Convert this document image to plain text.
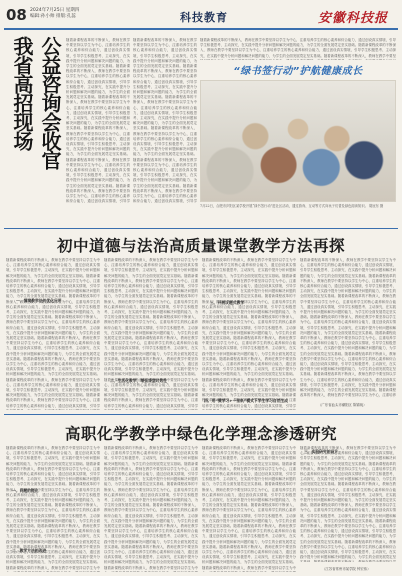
08 2024年7月25日 星期四
编辑:孙小帅 排版:孔蕊	科技教育	安徽科技报
公益咨询会收官
我省高招现场 随着新课程改革的不断深入，教师在教学中要坚持以学生为中心，注重培养学生的核心素养和综合能力，通过创设真实情境，引导学生积极思考、主动探究，在实践中提升分析问题和解决问题的能力，为学生的全面发展奠定坚实基础。随着新课程改革的不断深入，教师在教学中要坚持以学生为中心，注重培养学生的核心素养和综合能力，通过创设真实情境，引导学生积极思考、主动探究，在实践中提升分析问题和解决问题的能力，为学生的全面发展奠定坚实基础。随着新课程改革的不断深入，教师在教学中要坚持以学生为中心，注重培养学生的核心素养和综合能力，通过创设真实情境，引导学生积极思考、主动探究，在实践中提升分析问题和解决问题的能力，为学生的全面发展奠定坚实基础。随着新课程改革的不断深入，教师在教学中要坚持以学生为中心，注重培养学生的核心素养和综合能力，通过创设真实情境，引导学生积极思考、主动探究，在实践中提升分析问题和解决问题的能力，为学生的全面发展奠定坚实基础。随着新课程改革的不断深入，教师在教学中要坚持以学生为中心，注重培养学生的核心素养和综合能力，通过创设真实情境，引导学生积极思考、主动探究，在实践中提升分析问题和解决问题的能力，为学生的全面发展奠定坚实基础。随着新课程改革的不断深入，教师在教学中要坚持以学生为中心，注重培养学生的核心素养和综合能力，通过创设真实情境，引导学生积极思考、主动探究，在实践中提升分析问题和解决问题的能力，为学生的全面发展奠定坚实基础。随着新课程改革的不断深入，教师在教学中要坚持以学生为中心，注重培养学生的核心素养和综合能力，通过创设真实情境，引导学生积极思考、主动探究，在实践中提升分析问题和解决问题的能力，为学生的全面发展奠定坚实基础。随着新课程改革的不断深入，教师在教学中要坚持以学生为中心，注重培养学生的核心素养和综合能力，通过创设真实情境，引导学生积极思考、主动探究，在实践中提升分析问题和解决问题的能力，为学生的全面发展奠定坚实基础。随着新课程改革的不断深入，教师在教学中要坚持以学生为中心，注重培养学生的核心素养和综合能力，通过创设真实情境，引导学生积极思考、主动探究，在实践中提升分析问题和解决问题的能力，为学生的全面发展奠定坚实基础。随着新课程改革的不断深入，教师在教学中要坚持以学生为中心，注重培养学生的核心素养和综合能力，通过创设真实情境，引导学生积极思考、主动探究，在实践中提升分析问题和解决问题的能力，为学生的全面发展奠定坚实基础。随着新课程改革的不断深入，教师在教学中要坚持以学生为中心，注重培养学生的核心素养和综合能力，通过创设真实情境，引导学生积极思考、主动探究，在实践中提升分析问题和解决问题的能力，为学生的全面发展奠定坚实基础。随着新课程改革的不断深入，教师在教学中要坚持以学生为中心，注重培养学生的核心素养和综合能力，通过创设真实情境，引导学生积极思考、主动探究，在实践中提升分析问题和解决问题的能力，为学生的全面发展奠定坚实基础。 随着新课程改革的不断深入，教师在教学中要坚持以学生为中心，注重培养学生的核心素养和综合能力，通过创设真实情境，引导学生积极思考、主动探究，在实践中提升分析问题和解决问题的能力，为学生的全面发展奠定坚实基础。随着新课程改革的不断深入，教师在教学中要坚持以学生为中心，注重培养学生的核心素养和综合能力，通过创设真实情境，引导学生积极思考、主动探究，在实践中提升分析问题和解决问题的能力，为学生的全面发展奠定坚实基础。随着新课程改革的不断深入，教师在教学中要坚持以学生为中心，注重培养学生的核心素养和综合能力，通过创设真实情境，引导学生积极思考、主动探究，在实践中提升分析问题和解决问题的能力，为学生的全面发展奠定坚实基础。随着新课程改革的不断深入，教师在教学中要坚持以学生为中心，注重培养学生的核心素养和综合能力，通过创设真实情境，引导学生积极思考、主动探究，在实践中提升分析问题和解决问题的能力，为学生的全面发展奠定坚实基础。随着新课程改革的不断深入，教师在教学中要坚持以学生为中心，注重培养学生的核心素养和综合能力，通过创设真实情境，引导学生积极思考、主动探究，在实践中提升分析问题和解决问题的能力，为学生的全面发展奠定坚实基础。随着新课程改革的不断深入，教师在教学中要坚持以学生为中心，注重培养学生的核心素养和综合能力，通过创设真实情境，引导学生积极思考、主动探究，在实践中提升分析问题和解决问题的能力，为学生的全面发展奠定坚实基础。随着新课程改革的不断深入，教师在教学中要坚持以学生为中心，注重培养学生的核心素养和综合能力，通过创设真实情境，引导学生积极思考、主动探究，在实践中提升分析问题和解决问题的能力，为学生的全面发展奠定坚实基础。随着新课程改革的不断深入，教师在教学中要坚持以学生为中心，注重培养学生的核心素养和综合能力，通过创设真实情境，引导学生积极思考、主动探究，在实践中提升分析问题和解决问题的能力，为学生的全面发展奠定坚实基础。随着新课程改革的不断深入，教师在教学中要坚持以学生为中心，注重培养学生的核心素养和综合能力，通过创设真实情境，引导学生积极思考、主动探究，在实践中提升分析问题和解决问题的能力，为学生的全面发展奠定坚实基础。随着新课程改革的不断深入，教师在教学中要坚持以学生为中心，注重培养学生的核心素养和综合能力，通过创设真实情境，引导学生积极思考、主动探究，在实践中提升分析问题和解决问题的能力，为学生的全面发展奠定坚实基础。随着新课程改革的不断深入，教师在教学中要坚持以学生为中心，注重培养学生的核心素养和综合能力，通过创设真实情境，引导学生积极思考、主动探究，在实践中提升分析问题和解决问题的能力，为学生的全面发展奠定坚实基础。随着新课程改革的不断深入，教师在教学中要坚持以学生为中心，注重培养学生的核心素养和综合能力，通过创设真实情境，引导学生积极思考、主动探究，在实践中提升分析问题和解决问题的能力，为学生的全面发展奠定坚实基础。
随着新课程改革的不断深入，教师在教学中要坚持以学生为中心，注重培养学生的核心素养和综合能力，通过创设真实情境，引导学生积极思考、主动探究，在实践中提升分析问题和解决问题的能力，为学生的全面发展奠定坚实基础。随着新课程改革的不断深入，教师在教学中要坚持以学生为中心，注重培养学生的核心素养和综合能力，通过创设真实情境，引导学生积极思考、主动探究，在实践中提升分析问题和解决问题的能力，为学生的全面发展奠定坚实基础。随着新课程改革的不断深入，教师在教学中要坚持以学生为中心，注重培养学生的核心素养和综合能力，通过创设真实情境，引导学生积极思考、主动探究，在实践中提升分析问题和解决问题的能力，为学生的全面发展奠定坚实基础。随着新课程改革的不断深入，教师在教学中要坚持以学生为中心，注重培养学生的核心素养和综合能力，通过创设真实情境，引导学生积极思考、主动探究，在实践中提升分析问题和解决问题的能力，为学生的全面发展奠定坚实基础。随着新课程改革的不断深入，教师在教学中要坚持以学生为中心，注重培养学生的核心素养和综合能力，通过创设真实情境，引导学生积极思考、主动探究，在实践中提升分析问题和解决问题的能力，为学生的全面发展奠定坚实基础。随着新课程改革的不断深入，教师在教学中要坚持以学生为中心，注重培养学生的核心素养和综合能力，通过创设真实情境，引导学生积极思考、主动探究，在实践中提升分析问题和解决问题的能力，为学生的全面发展奠定坚实基础。随着新课程改革的不断深入，教师在教学中要坚持以学生为中心，注重培养学生的核心素养和综合能力，通过创设真实情境，引导学生积极思考、主动探究，在实践中提升分析问题和解决问题的能力，为学生的全面发展奠定坚实基础。随着新课程改革的不断深入，教师在教学中要坚持以学生为中心，注重培养学生的核心素养和综合能力，通过创设真实情境，引导学生积极思考、主动探究，在实践中提升分析问题和解决问题的能力，为学生的全面发展奠定坚实基础。随着新课程改革的不断深入，教师在教学中要坚持以学生为中心，注重培养学生的核心素养和综合能力，通过创设真实情境，引导学生积极思考、主动探究，在实践中提升分析问题和解决问题的能力，为学生的全面发展奠定坚实基础。随着新课程改革的不断深入，教师在教学中要坚持以学生为中心，注重培养学生的核心素养和综合能力，通过创设真实情境，引导学生积极思考、主动探究，在实践中提升分析问题和解决问题的能力，为学生的全面发展奠定坚实基础。随着新课程改革的不断深入，教师在教学中要坚持以学生为中心，注重培养学生的核心素养和综合能力，通过创设真实情境，引导学生积极思考、主动探究，在实践中提升分析问题和解决问题的能力，为学生的全面发展奠定坚实基础。随着新课程改革的不断深入，教师在教学中要坚持以学生为中心，注重培养学生的核心素养和综合能力，通过创设真实情境，引导学生积极思考、主动探究，在实践中提升分析问题和解决问题的能力，为学生的全面发展奠定坚实基础。	“绿书签行动”护航健康成长
7月22日，合肥市庐阳区某学校开展“绿书签行动”进社区活动，通过游戏、互动等方式向孩子们普及绿色阅读知识。 胡冠东 摄
初中道德与法治高质量课堂教学方法再探
随着新课程改革的不断深入，教师在教学中要坚持以学生为中心，注重培养学生的核心素养和综合能力，通过创设真实情境，引导学生积极思考、主动探究，在实践中提升分析问题和解决问题的能力，为学生的全面发展奠定坚实基础。随着新课程改革的不断深入，教师在教学中要坚持以学生为中心，注重培养学生的核心素养和综合能力，通过创设真实情境，引导学生积极思考、主动探究，在实践中提升分析问题和解决问题的能力，为学生的全面发展奠定坚实基础。随着新课程改革的不断深入，教师在教学中要坚持以学生为中心，注重培养学生的核心素养和综合能力，通过创设真实情境，引导学生积极思考、主动探究，在实践中提升分析问题和解决问题的能力，为学生的全面发展奠定坚实基础。随着新课程改革的不断深入，教师在教学中要坚持以学生为中心，注重培养学生的核心素养和综合能力，通过创设真实情境，引导学生积极思考、主动探究，在实践中提升分析问题和解决问题的能力，为学生的全面发展奠定坚实基础。随着新课程改革的不断深入，教师在教学中要坚持以学生为中心，注重培养学生的核心素养和综合能力，通过创设真实情境，引导学生积极思考、主动探究，在实践中提升分析问题和解决问题的能力，为学生的全面发展奠定坚实基础。随着新课程改革的不断深入，教师在教学中要坚持以学生为中心，注重培养学生的核心素养和综合能力，通过创设真实情境，引导学生积极思考、主动探究，在实践中提升分析问题和解决问题的能力，为学生的全面发展奠定坚实基础。随着新课程改革的不断深入，教师在教学中要坚持以学生为中心，注重培养学生的核心素养和综合能力，通过创设真实情境，引导学生积极思考、主动探究，在实践中提升分析问题和解决问题的能力，为学生的全面发展奠定坚实基础。随着新课程改革的不断深入，教师在教学中要坚持以学生为中心，注重培养学生的核心素养和综合能力，通过创设真实情境，引导学生积极思考、主动探究，在实践中提升分析问题和解决问题的能力，为学生的全面发展奠定坚实基础。随着新课程改革的不断深入，教师在教学中要坚持以学生为中心，注重培养学生的核心素养和综合能力，通过创设真实情境，引导学生积极思考、主动探究，在实践中提升分析问题和解决问题的能力，为学生的全面发展奠定坚实基础。随着新课程改革的不断深入，教师在教学中要坚持以学生为中心，注重培养学生的核心素养和综合能力，通过创设真实情境，引导学生积极思考、主动探究，在实践中提升分析问题和解决问题的能力，为学生的全面发展奠定坚实基础。随着新课程改革的不断深入，教师在教学中要坚持以学生为中心，注重培养学生的核心素养和综合能力，通过创设真实情境，引导学生积极思考、主动探究，在实践中提升分析问题和解决问题的能力，为学生的全面发展奠定坚实基础。随着新课程改革的不断深入，教师在教学中要坚持以学生为中心，注重培养学生的核心素养和综合能力，通过创设真实情境，引导学生积极思考、主动探究，在实践中提升分析问题和解决问题的能力，为学生的全面发展奠定坚实基础。
随着新课程改革的不断深入，教师在教学中要坚持以学生为中心，注重培养学生的核心素养和综合能力，通过创设真实情境，引导学生积极思考、主动探究，在实践中提升分析问题和解决问题的能力，为学生的全面发展奠定坚实基础。随着新课程改革的不断深入，教师在教学中要坚持以学生为中心，注重培养学生的核心素养和综合能力，通过创设真实情境，引导学生积极思考、主动探究，在实践中提升分析问题和解决问题的能力，为学生的全面发展奠定坚实基础。随着新课程改革的不断深入，教师在教学中要坚持以学生为中心，注重培养学生的核心素养和综合能力，通过创设真实情境，引导学生积极思考、主动探究，在实践中提升分析问题和解决问题的能力，为学生的全面发展奠定坚实基础。随着新课程改革的不断深入，教师在教学中要坚持以学生为中心，注重培养学生的核心素养和综合能力，通过创设真实情境，引导学生积极思考、主动探究，在实践中提升分析问题和解决问题的能力，为学生的全面发展奠定坚实基础。随着新课程改革的不断深入，教师在教学中要坚持以学生为中心，注重培养学生的核心素养和综合能力，通过创设真实情境，引导学生积极思考、主动探究，在实践中提升分析问题和解决问题的能力，为学生的全面发展奠定坚实基础。随着新课程改革的不断深入，教师在教学中要坚持以学生为中心，注重培养学生的核心素养和综合能力，通过创设真实情境，引导学生积极思考、主动探究，在实践中提升分析问题和解决问题的能力，为学生的全面发展奠定坚实基础。随着新课程改革的不断深入，教师在教学中要坚持以学生为中心，注重培养学生的核心素养和综合能力，通过创设真实情境，引导学生积极思考、主动探究，在实践中提升分析问题和解决问题的能力，为学生的全面发展奠定坚实基础。随着新课程改革的不断深入，教师在教学中要坚持以学生为中心，注重培养学生的核心素养和综合能力，通过创设真实情境，引导学生积极思考、主动探究，在实践中提升分析问题和解决问题的能力，为学生的全面发展奠定坚实基础。随着新课程改革的不断深入，教师在教学中要坚持以学生为中心，注重培养学生的核心素养和综合能力，通过创设真实情境，引导学生积极思考、主动探究，在实践中提升分析问题和解决问题的能力，为学生的全面发展奠定坚实基础。随着新课程改革的不断深入，教师在教学中要坚持以学生为中心，注重培养学生的核心素养和综合能力，通过创设真实情境，引导学生积极思考、主动探究，在实践中提升分析问题和解决问题的能力，为学生的全面发展奠定坚实基础。随着新课程改革的不断深入，教师在教学中要坚持以学生为中心，注重培养学生的核心素养和综合能力，通过创设真实情境，引导学生积极思考、主动探究，在实践中提升分析问题和解决问题的能力，为学生的全面发展奠定坚实基础。随着新课程改革的不断深入，教师在教学中要坚持以学生为中心，注重培养学生的核心素养和综合能力，通过创设真实情境，引导学生积极思考、主动探究，在实践中提升分析问题和解决问题的能力，为学生的全面发展奠定坚实基础。
随着新课程改革的不断深入，教师在教学中要坚持以学生为中心，注重培养学生的核心素养和综合能力，通过创设真实情境，引导学生积极思考、主动探究，在实践中提升分析问题和解决问题的能力，为学生的全面发展奠定坚实基础。随着新课程改革的不断深入，教师在教学中要坚持以学生为中心，注重培养学生的核心素养和综合能力，通过创设真实情境，引导学生积极思考、主动探究，在实践中提升分析问题和解决问题的能力，为学生的全面发展奠定坚实基础。随着新课程改革的不断深入，教师在教学中要坚持以学生为中心，注重培养学生的核心素养和综合能力，通过创设真实情境，引导学生积极思考、主动探究，在实践中提升分析问题和解决问题的能力，为学生的全面发展奠定坚实基础。随着新课程改革的不断深入，教师在教学中要坚持以学生为中心，注重培养学生的核心素养和综合能力，通过创设真实情境，引导学生积极思考、主动探究，在实践中提升分析问题和解决问题的能力，为学生的全面发展奠定坚实基础。随着新课程改革的不断深入，教师在教学中要坚持以学生为中心，注重培养学生的核心素养和综合能力，通过创设真实情境，引导学生积极思考、主动探究，在实践中提升分析问题和解决问题的能力，为学生的全面发展奠定坚实基础。随着新课程改革的不断深入，教师在教学中要坚持以学生为中心，注重培养学生的核心素养和综合能力，通过创设真实情境，引导学生积极思考、主动探究，在实践中提升分析问题和解决问题的能力，为学生的全面发展奠定坚实基础。随着新课程改革的不断深入，教师在教学中要坚持以学生为中心，注重培养学生的核心素养和综合能力，通过创设真实情境，引导学生积极思考、主动探究，在实践中提升分析问题和解决问题的能力，为学生的全面发展奠定坚实基础。随着新课程改革的不断深入，教师在教学中要坚持以学生为中心，注重培养学生的核心素养和综合能力，通过创设真实情境，引导学生积极思考、主动探究，在实践中提升分析问题和解决问题的能力，为学生的全面发展奠定坚实基础。随着新课程改革的不断深入，教师在教学中要坚持以学生为中心，注重培养学生的核心素养和综合能力，通过创设真实情境，引导学生积极思考、主动探究，在实践中提升分析问题和解决问题的能力，为学生的全面发展奠定坚实基础。随着新课程改革的不断深入，教师在教学中要坚持以学生为中心，注重培养学生的核心素养和综合能力，通过创设真实情境，引导学生积极思考、主动探究，在实践中提升分析问题和解决问题的能力，为学生的全面发展奠定坚实基础。随着新课程改革的不断深入，教师在教学中要坚持以学生为中心，注重培养学生的核心素养和综合能力，通过创设真实情境，引导学生积极思考、主动探究，在实践中提升分析问题和解决问题的能力，为学生的全面发展奠定坚实基础。随着新课程改革的不断深入，教师在教学中要坚持以学生为中心，注重培养学生的核心素养和综合能力，通过创设真实情境，引导学生积极思考、主动探究，在实践中提升分析问题和解决问题的能力，为学生的全面发展奠定坚实基础。
随着新课程改革的不断深入，教师在教学中要坚持以学生为中心，注重培养学生的核心素养和综合能力，通过创设真实情境，引导学生积极思考、主动探究，在实践中提升分析问题和解决问题的能力，为学生的全面发展奠定坚实基础。随着新课程改革的不断深入，教师在教学中要坚持以学生为中心，注重培养学生的核心素养和综合能力，通过创设真实情境，引导学生积极思考、主动探究，在实践中提升分析问题和解决问题的能力，为学生的全面发展奠定坚实基础。随着新课程改革的不断深入，教师在教学中要坚持以学生为中心，注重培养学生的核心素养和综合能力，通过创设真实情境，引导学生积极思考、主动探究，在实践中提升分析问题和解决问题的能力，为学生的全面发展奠定坚实基础。随着新课程改革的不断深入，教师在教学中要坚持以学生为中心，注重培养学生的核心素养和综合能力，通过创设真实情境，引导学生积极思考、主动探究，在实践中提升分析问题和解决问题的能力，为学生的全面发展奠定坚实基础。随着新课程改革的不断深入，教师在教学中要坚持以学生为中心，注重培养学生的核心素养和综合能力，通过创设真实情境，引导学生积极思考、主动探究，在实践中提升分析问题和解决问题的能力，为学生的全面发展奠定坚实基础。随着新课程改革的不断深入，教师在教学中要坚持以学生为中心，注重培养学生的核心素养和综合能力，通过创设真实情境，引导学生积极思考、主动探究，在实践中提升分析问题和解决问题的能力，为学生的全面发展奠定坚实基础。随着新课程改革的不断深入，教师在教学中要坚持以学生为中心，注重培养学生的核心素养和综合能力，通过创设真实情境，引导学生积极思考、主动探究，在实践中提升分析问题和解决问题的能力，为学生的全面发展奠定坚实基础。随着新课程改革的不断深入，教师在教学中要坚持以学生为中心，注重培养学生的核心素养和综合能力，通过创设真实情境，引导学生积极思考、主动探究，在实践中提升分析问题和解决问题的能力，为学生的全面发展奠定坚实基础。随着新课程改革的不断深入，教师在教学中要坚持以学生为中心，注重培养学生的核心素养和综合能力，通过创设真实情境，引导学生积极思考、主动探究，在实践中提升分析问题和解决问题的能力，为学生的全面发展奠定坚实基础。随着新课程改革的不断深入，教师在教学中要坚持以学生为中心，注重培养学生的核心素养和综合能力，通过创设真实情境，引导学生积极思考、主动探究，在实践中提升分析问题和解决问题的能力，为学生的全面发展奠定坚实基础。随着新课程改革的不断深入，教师在教学中要坚持以学生为中心，注重培养学生的核心素养和综合能力，通过创设真实情境，引导学生积极思考、主动探究，在实践中提升分析问题和解决问题的能力，为学生的全面发展奠定坚实基础。随着新课程改革的不断深入，教师在教学中要坚持以学生为中心，注重培养学生的核心素养和综合能力，通过创设真实情境，引导学生积极思考、主动探究，在实践中提升分析问题和解决问题的能力，为学生的全面发展奠定坚实基础。
一、情境教学法的优化应用
二、生活化教学，增强课堂时效性
三、开展议题式教学
四、用“微学习+一张纸”模式下学生学习自然生成
（广东省汕头市潮阳区 陈锦纯）
高职化学教学中绿色化学理念渗透研究
随着新课程改革的不断深入，教师在教学中要坚持以学生为中心，注重培养学生的核心素养和综合能力，通过创设真实情境，引导学生积极思考、主动探究，在实践中提升分析问题和解决问题的能力，为学生的全面发展奠定坚实基础。随着新课程改革的不断深入，教师在教学中要坚持以学生为中心，注重培养学生的核心素养和综合能力，通过创设真实情境，引导学生积极思考、主动探究，在实践中提升分析问题和解决问题的能力，为学生的全面发展奠定坚实基础。随着新课程改革的不断深入，教师在教学中要坚持以学生为中心，注重培养学生的核心素养和综合能力，通过创设真实情境，引导学生积极思考、主动探究，在实践中提升分析问题和解决问题的能力，为学生的全面发展奠定坚实基础。随着新课程改革的不断深入，教师在教学中要坚持以学生为中心，注重培养学生的核心素养和综合能力，通过创设真实情境，引导学生积极思考、主动探究，在实践中提升分析问题和解决问题的能力，为学生的全面发展奠定坚实基础。随着新课程改革的不断深入，教师在教学中要坚持以学生为中心，注重培养学生的核心素养和综合能力，通过创设真实情境，引导学生积极思考、主动探究，在实践中提升分析问题和解决问题的能力，为学生的全面发展奠定坚实基础。随着新课程改革的不断深入，教师在教学中要坚持以学生为中心，注重培养学生的核心素养和综合能力，通过创设真实情境，引导学生积极思考、主动探究，在实践中提升分析问题和解决问题的能力，为学生的全面发展奠定坚实基础。随着新课程改革的不断深入，教师在教学中要坚持以学生为中心，注重培养学生的核心素养和综合能力，通过创设真实情境，引导学生积极思考、主动探究，在实践中提升分析问题和解决问题的能力，为学生的全面发展奠定坚实基础。随着新课程改革的不断深入，教师在教学中要坚持以学生为中心，注重培养学生的核心素养和综合能力，通过创设真实情境，引导学生积极思考、主动探究，在实践中提升分析问题和解决问题的能力，为学生的全面发展奠定坚实基础。随着新课程改革的不断深入，教师在教学中要坚持以学生为中心，注重培养学生的核心素养和综合能力，通过创设真实情境，引导学生积极思考、主动探究，在实践中提升分析问题和解决问题的能力，为学生的全面发展奠定坚实基础。随着新课程改革的不断深入，教师在教学中要坚持以学生为中心，注重培养学生的核心素养和综合能力，通过创设真实情境，引导学生积极思考、主动探究，在实践中提升分析问题和解决问题的能力，为学生的全面发展奠定坚实基础。随着新课程改革的不断深入，教师在教学中要坚持以学生为中心，注重培养学生的核心素养和综合能力，通过创设真实情境，引导学生积极思考、主动探究，在实践中提升分析问题和解决问题的能力，为学生的全面发展奠定坚实基础。随着新课程改革的不断深入，教师在教学中要坚持以学生为中心，注重培养学生的核心素养和综合能力，通过创设真实情境，引导学生积极思考、主动探究，在实践中提升分析问题和解决问题的能力，为学生的全面发展奠定坚实基础。
随着新课程改革的不断深入，教师在教学中要坚持以学生为中心，注重培养学生的核心素养和综合能力，通过创设真实情境，引导学生积极思考、主动探究，在实践中提升分析问题和解决问题的能力，为学生的全面发展奠定坚实基础。随着新课程改革的不断深入，教师在教学中要坚持以学生为中心，注重培养学生的核心素养和综合能力，通过创设真实情境，引导学生积极思考、主动探究，在实践中提升分析问题和解决问题的能力，为学生的全面发展奠定坚实基础。随着新课程改革的不断深入，教师在教学中要坚持以学生为中心，注重培养学生的核心素养和综合能力，通过创设真实情境，引导学生积极思考、主动探究，在实践中提升分析问题和解决问题的能力，为学生的全面发展奠定坚实基础。随着新课程改革的不断深入，教师在教学中要坚持以学生为中心，注重培养学生的核心素养和综合能力，通过创设真实情境，引导学生积极思考、主动探究，在实践中提升分析问题和解决问题的能力，为学生的全面发展奠定坚实基础。随着新课程改革的不断深入，教师在教学中要坚持以学生为中心，注重培养学生的核心素养和综合能力，通过创设真实情境，引导学生积极思考、主动探究，在实践中提升分析问题和解决问题的能力，为学生的全面发展奠定坚实基础。随着新课程改革的不断深入，教师在教学中要坚持以学生为中心，注重培养学生的核心素养和综合能力，通过创设真实情境，引导学生积极思考、主动探究，在实践中提升分析问题和解决问题的能力，为学生的全面发展奠定坚实基础。随着新课程改革的不断深入，教师在教学中要坚持以学生为中心，注重培养学生的核心素养和综合能力，通过创设真实情境，引导学生积极思考、主动探究，在实践中提升分析问题和解决问题的能力，为学生的全面发展奠定坚实基础。随着新课程改革的不断深入，教师在教学中要坚持以学生为中心，注重培养学生的核心素养和综合能力，通过创设真实情境，引导学生积极思考、主动探究，在实践中提升分析问题和解决问题的能力，为学生的全面发展奠定坚实基础。随着新课程改革的不断深入，教师在教学中要坚持以学生为中心，注重培养学生的核心素养和综合能力，通过创设真实情境，引导学生积极思考、主动探究，在实践中提升分析问题和解决问题的能力，为学生的全面发展奠定坚实基础。随着新课程改革的不断深入，教师在教学中要坚持以学生为中心，注重培养学生的核心素养和综合能力，通过创设真实情境，引导学生积极思考、主动探究，在实践中提升分析问题和解决问题的能力，为学生的全面发展奠定坚实基础。随着新课程改革的不断深入，教师在教学中要坚持以学生为中心，注重培养学生的核心素养和综合能力，通过创设真实情境，引导学生积极思考、主动探究，在实践中提升分析问题和解决问题的能力，为学生的全面发展奠定坚实基础。随着新课程改革的不断深入，教师在教学中要坚持以学生为中心，注重培养学生的核心素养和综合能力，通过创设真实情境，引导学生积极思考、主动探究，在实践中提升分析问题和解决问题的能力，为学生的全面发展奠定坚实基础。
随着新课程改革的不断深入，教师在教学中要坚持以学生为中心，注重培养学生的核心素养和综合能力，通过创设真实情境，引导学生积极思考、主动探究，在实践中提升分析问题和解决问题的能力，为学生的全面发展奠定坚实基础。随着新课程改革的不断深入，教师在教学中要坚持以学生为中心，注重培养学生的核心素养和综合能力，通过创设真实情境，引导学生积极思考、主动探究，在实践中提升分析问题和解决问题的能力，为学生的全面发展奠定坚实基础。随着新课程改革的不断深入，教师在教学中要坚持以学生为中心，注重培养学生的核心素养和综合能力，通过创设真实情境，引导学生积极思考、主动探究，在实践中提升分析问题和解决问题的能力，为学生的全面发展奠定坚实基础。随着新课程改革的不断深入，教师在教学中要坚持以学生为中心，注重培养学生的核心素养和综合能力，通过创设真实情境，引导学生积极思考、主动探究，在实践中提升分析问题和解决问题的能力，为学生的全面发展奠定坚实基础。随着新课程改革的不断深入，教师在教学中要坚持以学生为中心，注重培养学生的核心素养和综合能力，通过创设真实情境，引导学生积极思考、主动探究，在实践中提升分析问题和解决问题的能力，为学生的全面发展奠定坚实基础。随着新课程改革的不断深入，教师在教学中要坚持以学生为中心，注重培养学生的核心素养和综合能力，通过创设真实情境，引导学生积极思考、主动探究，在实践中提升分析问题和解决问题的能力，为学生的全面发展奠定坚实基础。随着新课程改革的不断深入，教师在教学中要坚持以学生为中心，注重培养学生的核心素养和综合能力，通过创设真实情境，引导学生积极思考、主动探究，在实践中提升分析问题和解决问题的能力，为学生的全面发展奠定坚实基础。随着新课程改革的不断深入，教师在教学中要坚持以学生为中心，注重培养学生的核心素养和综合能力，通过创设真实情境，引导学生积极思考、主动探究，在实践中提升分析问题和解决问题的能力，为学生的全面发展奠定坚实基础。随着新课程改革的不断深入，教师在教学中要坚持以学生为中心，注重培养学生的核心素养和综合能力，通过创设真实情境，引导学生积极思考、主动探究，在实践中提升分析问题和解决问题的能力，为学生的全面发展奠定坚实基础。随着新课程改革的不断深入，教师在教学中要坚持以学生为中心，注重培养学生的核心素养和综合能力，通过创设真实情境，引导学生积极思考、主动探究，在实践中提升分析问题和解决问题的能力，为学生的全面发展奠定坚实基础。随着新课程改革的不断深入，教师在教学中要坚持以学生为中心，注重培养学生的核心素养和综合能力，通过创设真实情境，引导学生积极思考、主动探究，在实践中提升分析问题和解决问题的能力，为学生的全面发展奠定坚实基础。随着新课程改革的不断深入，教师在教学中要坚持以学生为中心，注重培养学生的核心素养和综合能力，通过创设真实情境，引导学生积极思考、主动探究，在实践中提升分析问题和解决问题的能力，为学生的全面发展奠定坚实基础。
随着新课程改革的不断深入，教师在教学中要坚持以学生为中心，注重培养学生的核心素养和综合能力，通过创设真实情境，引导学生积极思考、主动探究，在实践中提升分析问题和解决问题的能力，为学生的全面发展奠定坚实基础。随着新课程改革的不断深入，教师在教学中要坚持以学生为中心，注重培养学生的核心素养和综合能力，通过创设真实情境，引导学生积极思考、主动探究，在实践中提升分析问题和解决问题的能力，为学生的全面发展奠定坚实基础。随着新课程改革的不断深入，教师在教学中要坚持以学生为中心，注重培养学生的核心素养和综合能力，通过创设真实情境，引导学生积极思考、主动探究，在实践中提升分析问题和解决问题的能力，为学生的全面发展奠定坚实基础。随着新课程改革的不断深入，教师在教学中要坚持以学生为中心，注重培养学生的核心素养和综合能力，通过创设真实情境，引导学生积极思考、主动探究，在实践中提升分析问题和解决问题的能力，为学生的全面发展奠定坚实基础。随着新课程改革的不断深入，教师在教学中要坚持以学生为中心，注重培养学生的核心素养和综合能力，通过创设真实情境，引导学生积极思考、主动探究，在实践中提升分析问题和解决问题的能力，为学生的全面发展奠定坚实基础。随着新课程改革的不断深入，教师在教学中要坚持以学生为中心，注重培养学生的核心素养和综合能力，通过创设真实情境，引导学生积极思考、主动探究，在实践中提升分析问题和解决问题的能力，为学生的全面发展奠定坚实基础。随着新课程改革的不断深入，教师在教学中要坚持以学生为中心，注重培养学生的核心素养和综合能力，通过创设真实情境，引导学生积极思考、主动探究，在实践中提升分析问题和解决问题的能力，为学生的全面发展奠定坚实基础。随着新课程改革的不断深入，教师在教学中要坚持以学生为中心，注重培养学生的核心素养和综合能力，通过创设真实情境，引导学生积极思考、主动探究，在实践中提升分析问题和解决问题的能力，为学生的全面发展奠定坚实基础。随着新课程改革的不断深入，教师在教学中要坚持以学生为中心，注重培养学生的核心素养和综合能力，通过创设真实情境，引导学生积极思考、主动探究，在实践中提升分析问题和解决问题的能力，为学生的全面发展奠定坚实基础。随着新课程改革的不断深入，教师在教学中要坚持以学生为中心，注重培养学生的核心素养和综合能力，通过创设真实情境，引导学生积极思考、主动探究，在实践中提升分析问题和解决问题的能力，为学生的全面发展奠定坚实基础。随着新课程改革的不断深入，教师在教学中要坚持以学生为中心，注重培养学生的核心素养和综合能力，通过创设真实情境，引导学生积极思考、主动探究，在实践中提升分析问题和解决问题的能力，为学生的全面发展奠定坚实基础。随着新课程改革的不断深入，教师在教学中要坚持以学生为中心，注重培养学生的核心素养和综合能力，通过创设真实情境，引导学生积极思考、主动探究，在实践中提升分析问题和解决问题的能力，为学生的全面发展奠定坚实基础。
一、问题的提出
二、教学方法的改进
三、实验研究的设计
（江苏省常州市某学院 钟宏伟）
